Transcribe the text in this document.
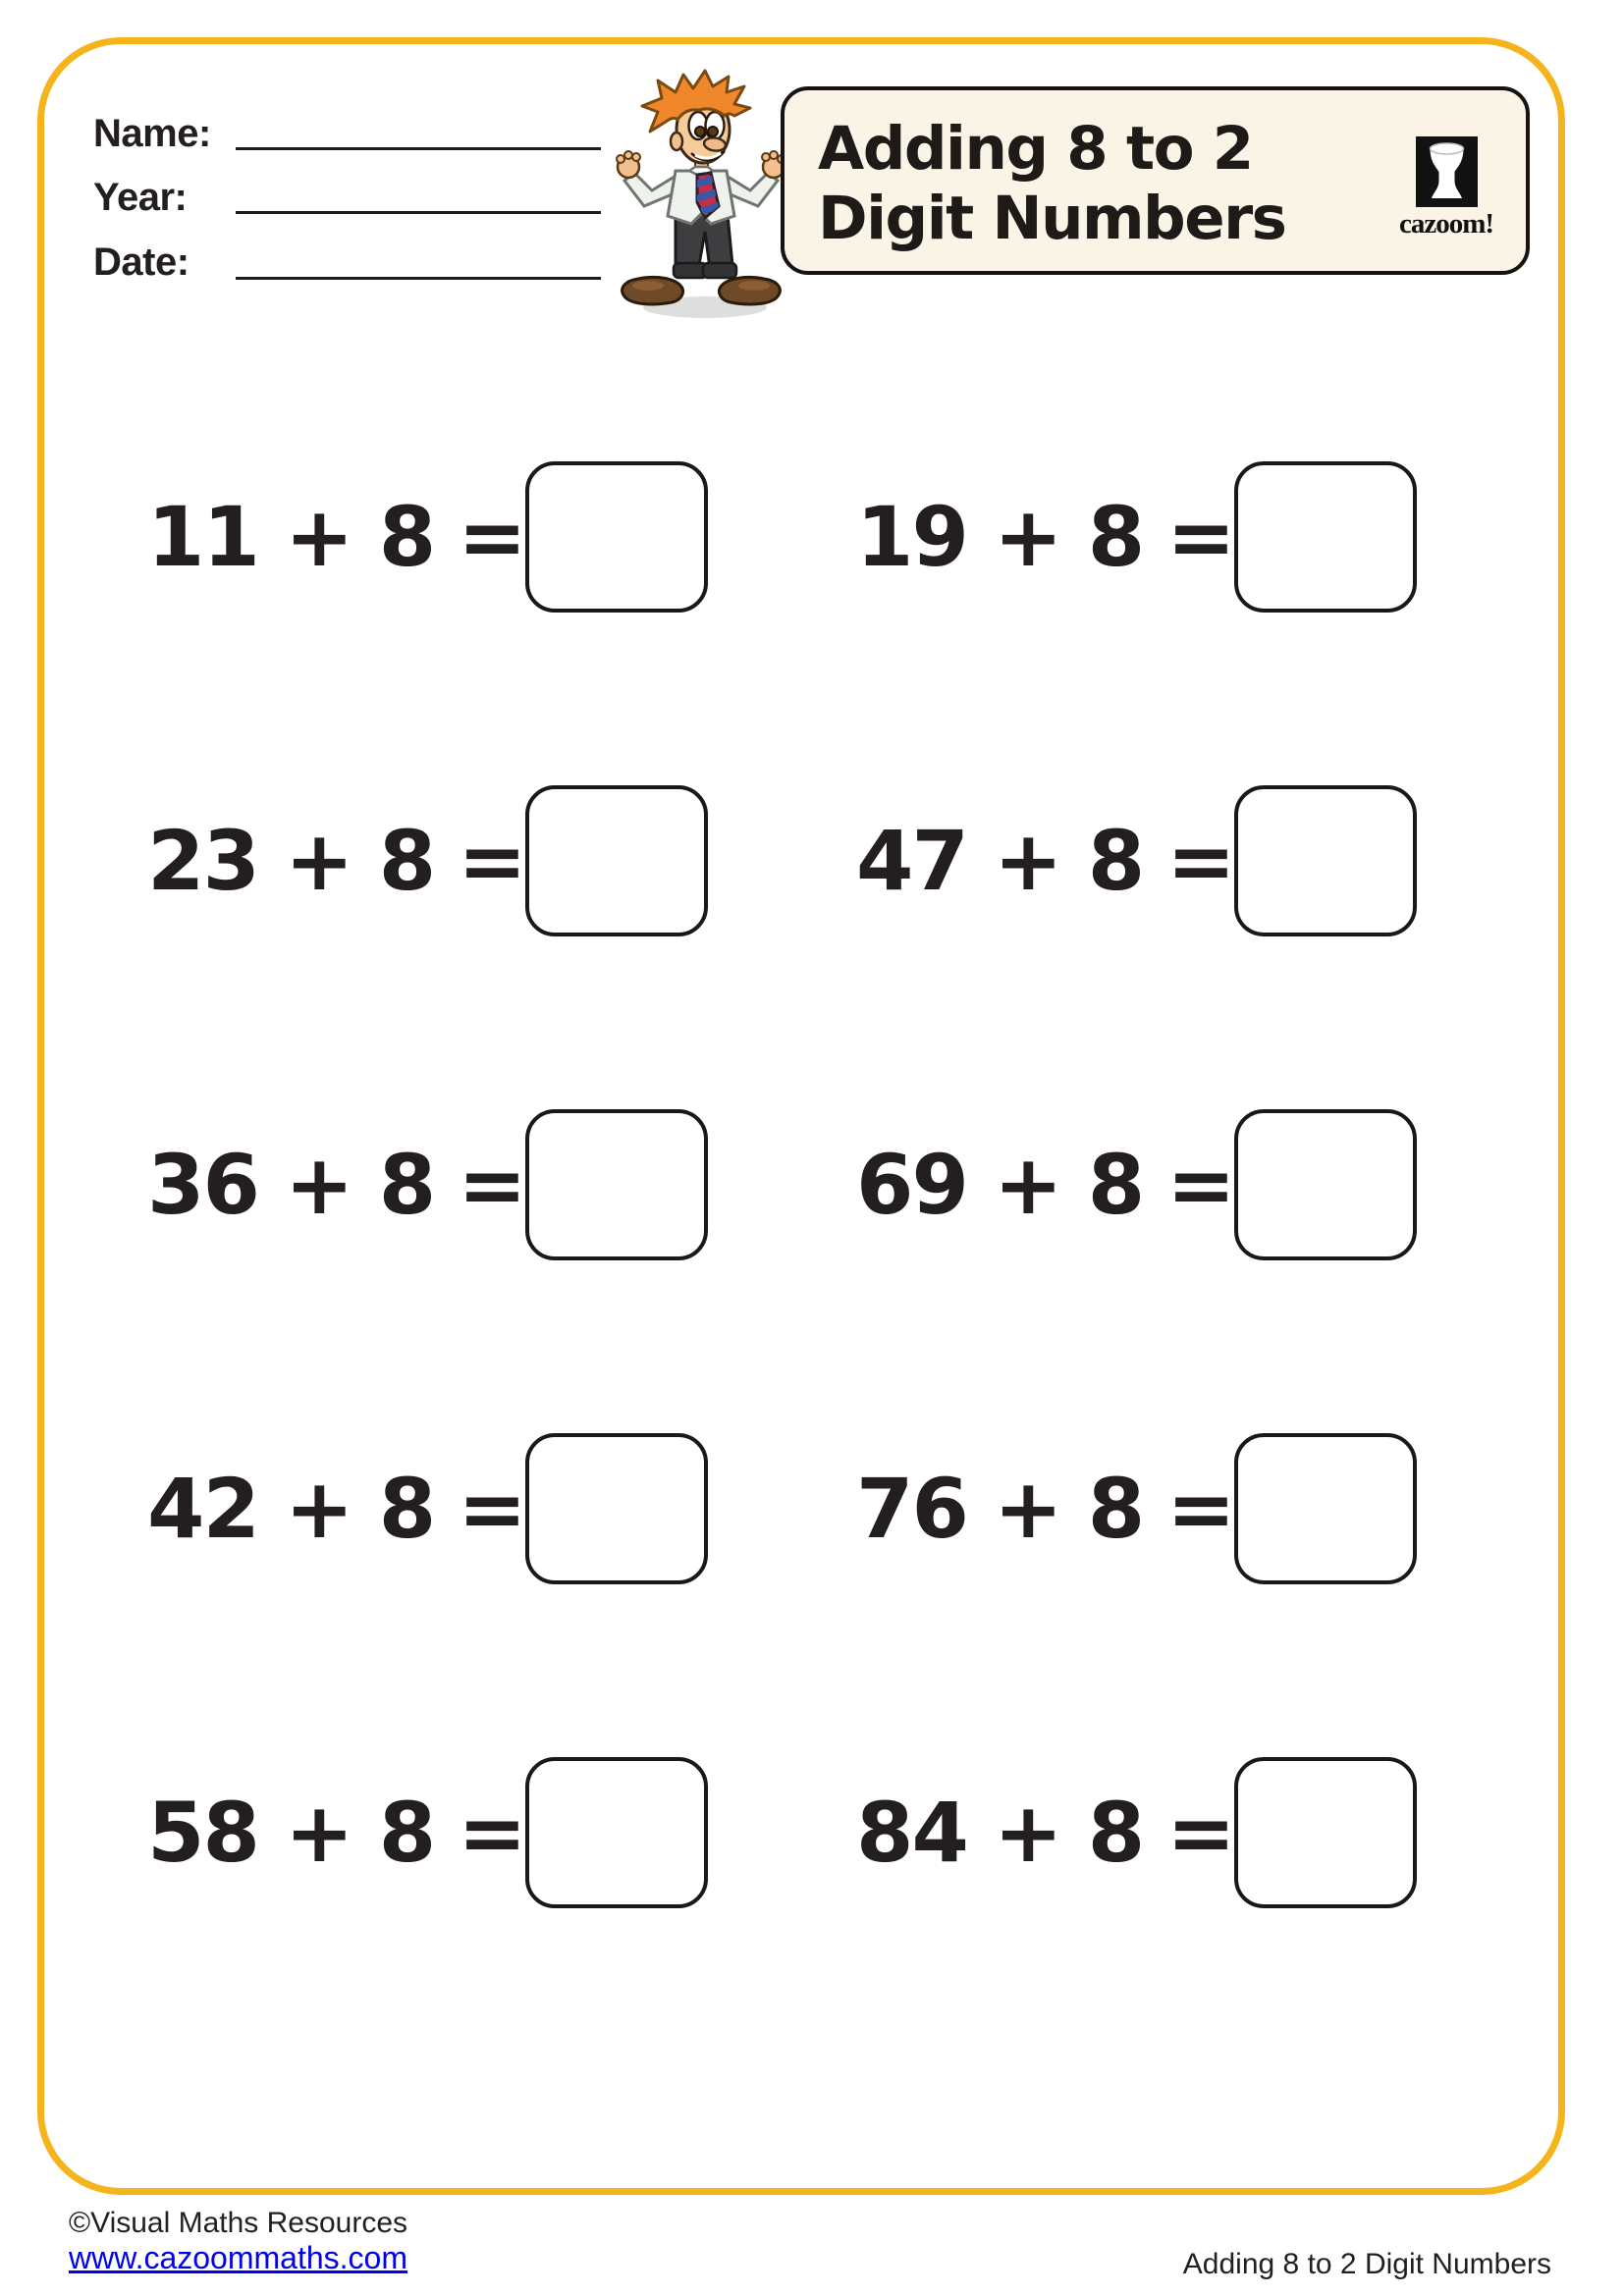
Name:
Year:
Date:
Adding 8 to 2
Digit Numbers	cazoom!
11 + 8 =
23 + 8 =
36 + 8 =
42 + 8 =
58 + 8 =
19 + 8 =
47 + 8 =
69 + 8 =
76 + 8 =
84 + 8 =
©Visual Maths Resources
www.cazoommaths.com	Adding 8 to 2 Digit Numbers
